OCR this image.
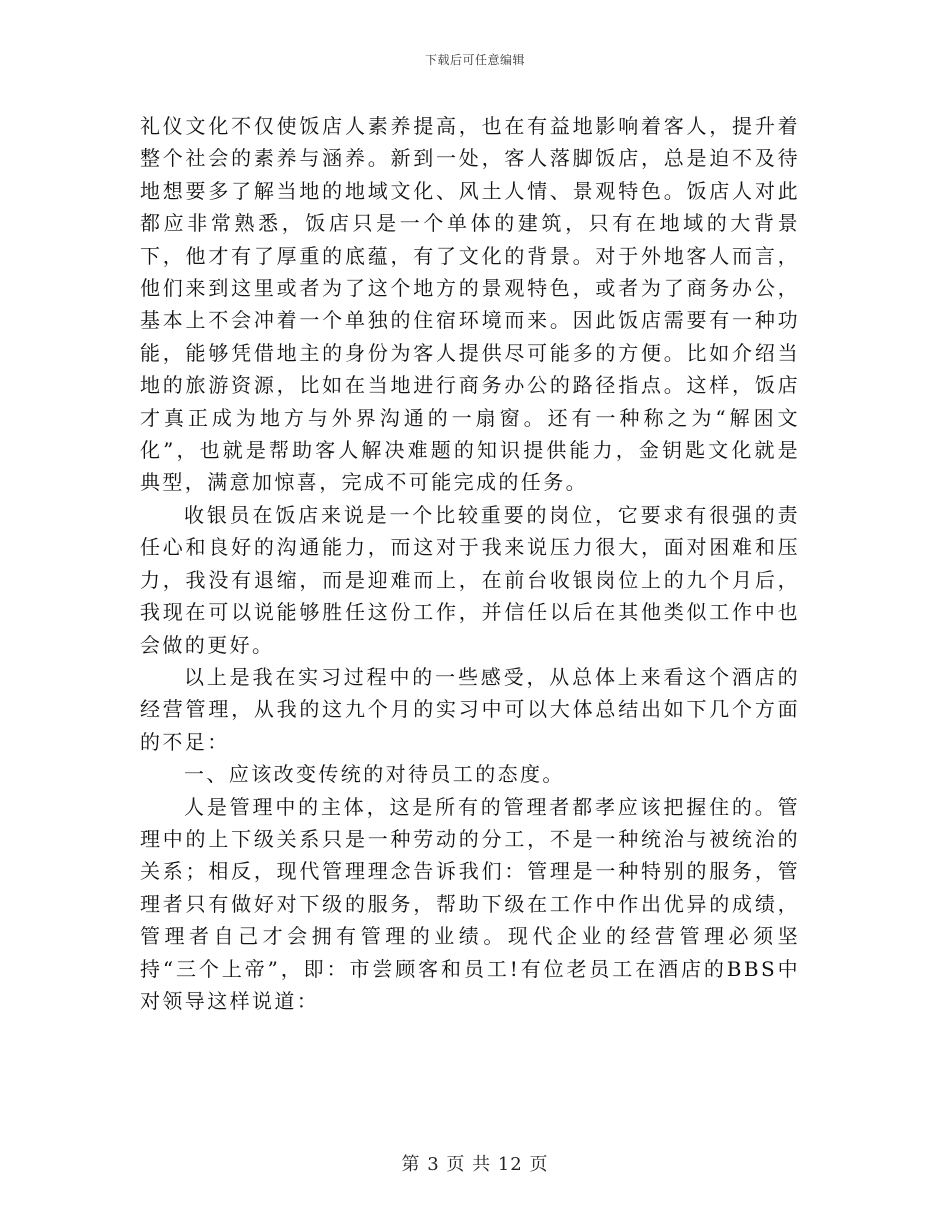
下载后可任意编辑

礼仪文化不仅使饭店人素养提高，也在有益地影响着客人，提升着整个社会的素养与涵养。新到一处，客人落脚饭店，总是迫不及待地想要多了解当地的地域文化、风土人情、景观特色。饭店人对此都应非常熟悉，饭店只是一个单体的建筑，只有在地域的大背景下，他才有了厚重的底蕴，有了文化的背景。对于外地客人而言，他们来到这里或者为了这个地方的景观特色，或者为了商务办公，基本上不会冲着一个单独的住宿环境而来。因此饭店需要有一种功能，能够凭借地主的身份为客人提供尽可能多的方便。比如介绍当地的旅游资源，比如在当地进行商务办公的路径指点。这样，饭店才真正成为地方与外界沟通的一扇窗。还有一种称之为“解困文化”，也就是帮助客人解决难题的知识提供能力，金钥匙文化就是典型，满意加惊喜，完成不可能完成的任务。

收银员在饭店来说是一个比较重要的岗位，它要求有很强的责任心和良好的沟通能力，而这对于我来说压力很大，面对困难和压力，我没有退缩，而是迎难而上，在前台收银岗位上的九个月后，我现在可以说能够胜任这份工作，并信任以后在其他类似工作中也会做的更好。

以上是我在实习过程中的一些感受，从总体上来看这个酒店的经营管理，从我的这九个月的实习中可以大体总结出如下几个方面的不足：

一、应该改变传统的对待员工的态度。

人是管理中的主体，这是所有的管理者都孝应该把握住的。管理中的上下级关系只是一种劳动的分工，不是一种统治与被统治的关系；相反，现代管理理念告诉我们：管理是一种特别的服务，管理者只有做好对下级的服务，帮助下级在工作中作出优异的成绩，管理者自己才会拥有管理的业绩。现代企业的经营管理必须坚持“三个上帝”，即：市尝顾客和员工!有位老员工在酒店的BBS中对领导这样说道：

第 3 页 共 12 页
